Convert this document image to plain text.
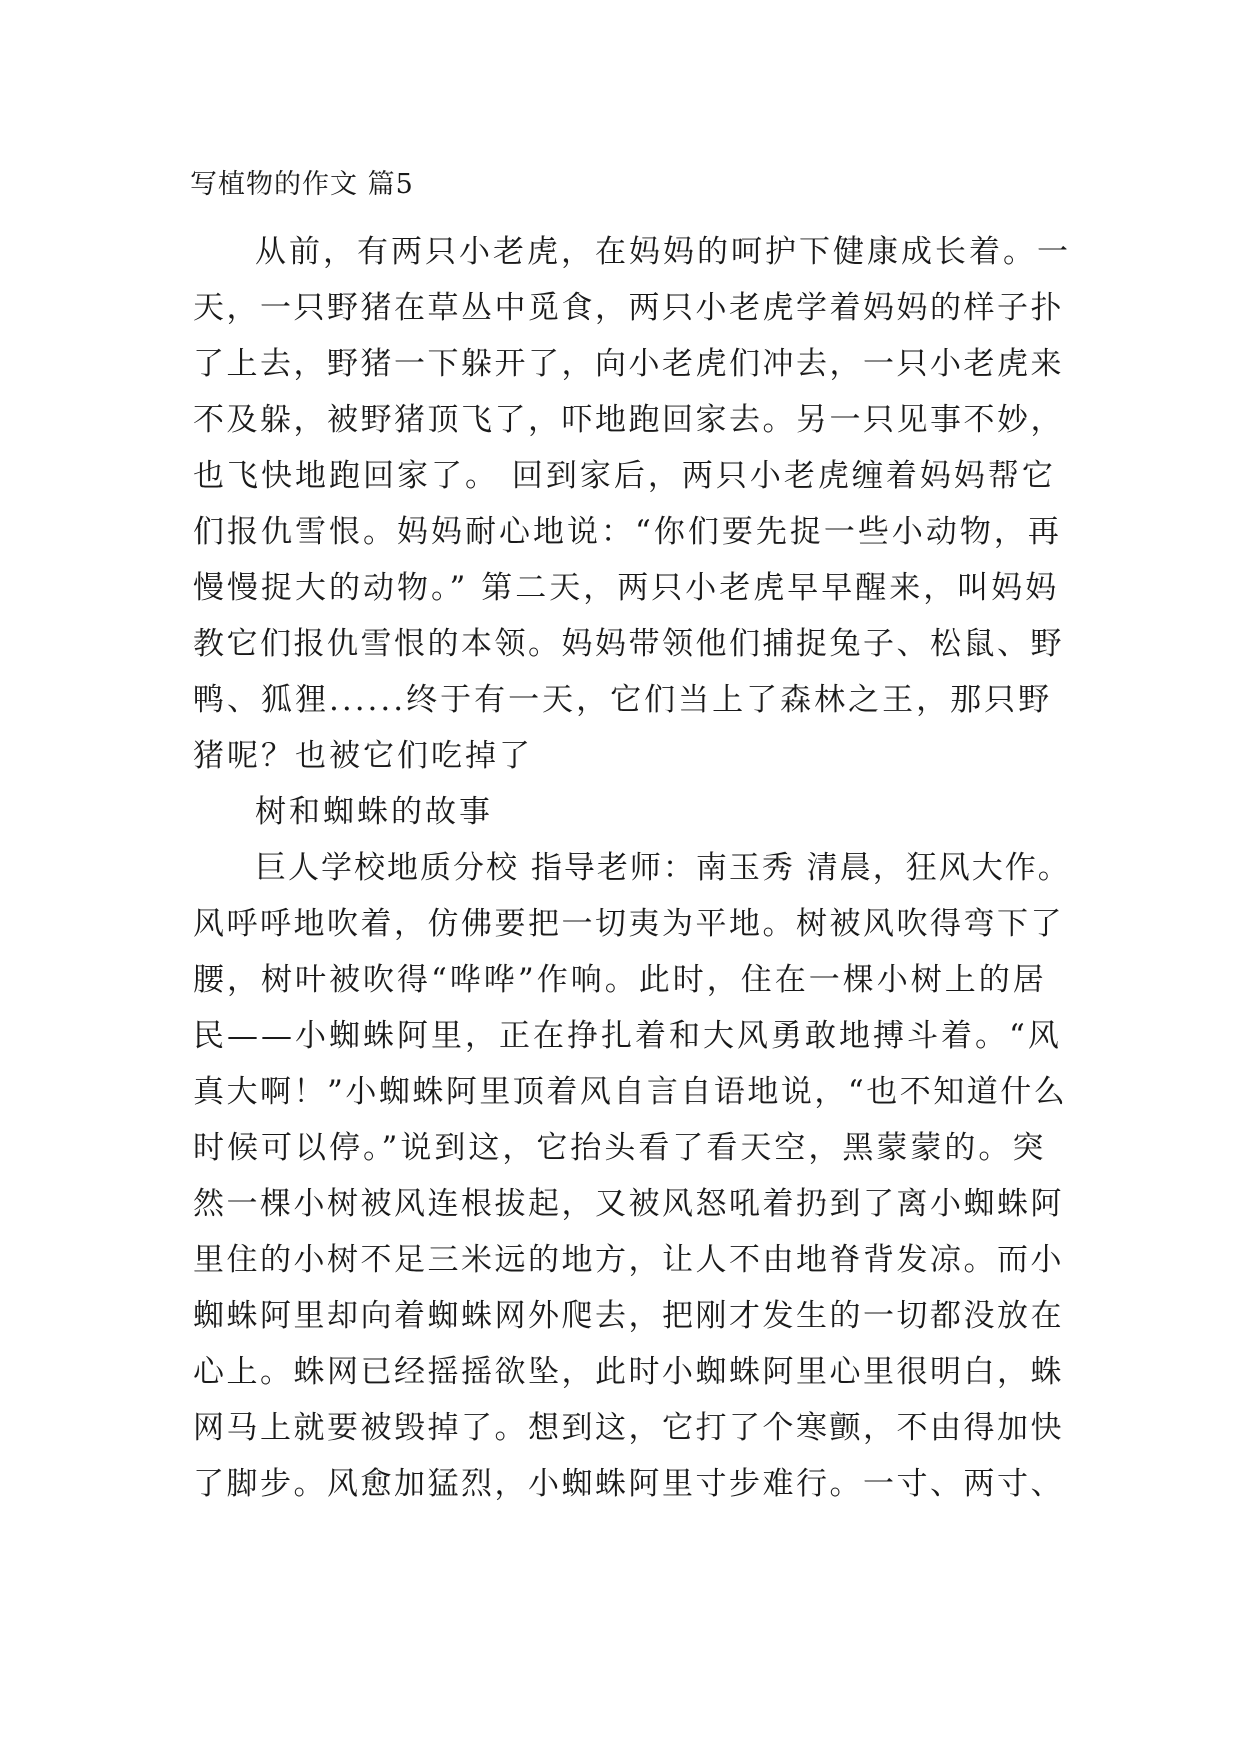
写植物的作文 篇5

从前，有两只小老虎，在妈妈的呵护下健康成长着。一

天，一只野猪在草丛中觅食，两只小老虎学着妈妈的样子扑

了上去，野猪一下躲开了，向小老虎们冲去，一只小老虎来

不及躲，被野猪顶飞了，吓地跑回家去。另一只见事不妙，

也飞快地跑回家了。 回到家后，两只小老虎缠着妈妈帮它

们报仇雪恨。妈妈耐心地说：“你们要先捉一些小动物，再

慢慢捉大的动物。” 第二天，两只小老虎早早醒来，叫妈妈

教它们报仇雪恨的本领。妈妈带领他们捕捉兔子、松鼠、野

鸭、狐狸......终于有一天，它们当上了森林之王，那只野

猪呢？也被它们吃掉了

树和蜘蛛的故事

巨人学校地质分校 指导老师：南玉秀 清晨，狂风大作。

风呼呼地吹着，仿佛要把一切夷为平地。树被风吹得弯下了

腰，树叶被吹得“哗哗”作响。此时，住在一棵小树上的居

民——小蜘蛛阿里，正在挣扎着和大风勇敢地搏斗着。“风

真大啊！”小蜘蛛阿里顶着风自言自语地说，“也不知道什么

时候可以停。”说到这，它抬头看了看天空，黑蒙蒙的。突

然一棵小树被风连根拔起，又被风怒吼着扔到了离小蜘蛛阿

里住的小树不足三米远的地方，让人不由地脊背发凉。而小

蜘蛛阿里却向着蜘蛛网外爬去，把刚才发生的一切都没放在

心上。蛛网已经摇摇欲坠，此时小蜘蛛阿里心里很明白，蛛

网马上就要被毁掉了。想到这，它打了个寒颤，不由得加快

了脚步。风愈加猛烈，小蜘蛛阿里寸步难行。一寸、两寸、
